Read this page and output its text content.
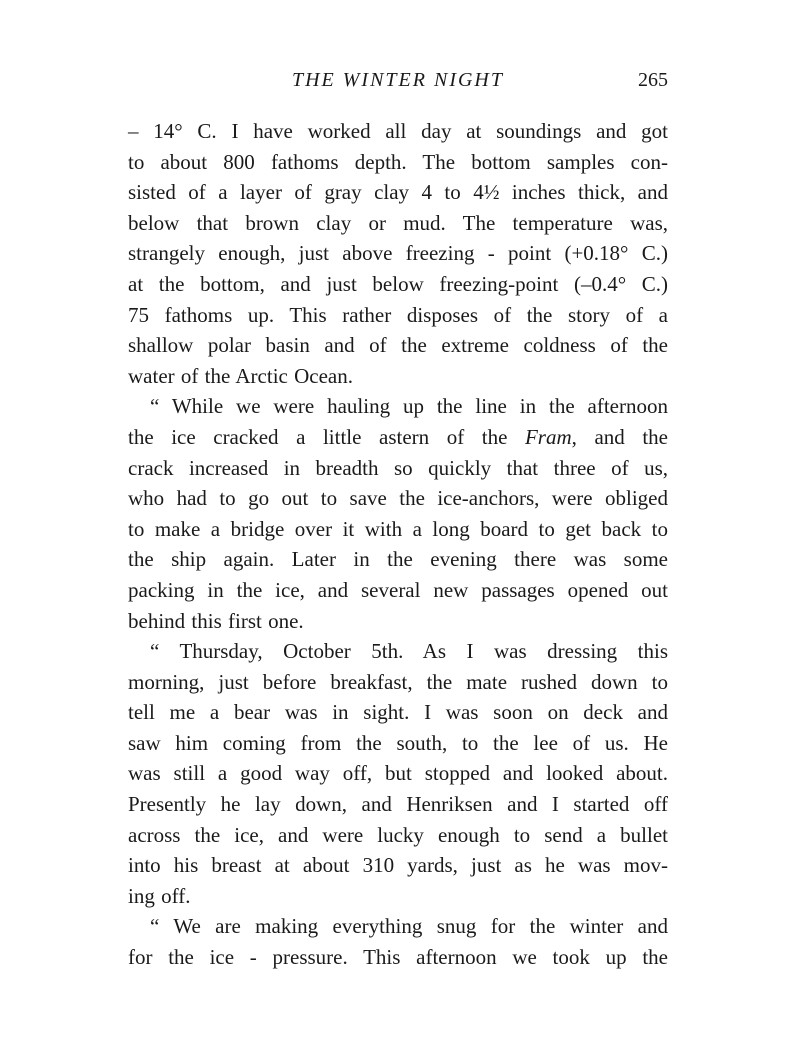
THE WINTER NIGHT	265
– 14° C. I have worked all day at soundings and got
to about 800 fathoms depth. The bottom samples con-
sisted of a layer of gray clay 4 to 4½ inches thick, and
below that brown clay or mud. The temperature was,
strangely enough, just above freezing - point (+0.18° C.)
at the bottom, and just below freezing-point (–0.4° C.)
75 fathoms up. This rather disposes of the story of a
shallow polar basin and of the extreme coldness of the
water of the Arctic Ocean.
“ While we were hauling up the line in the afternoon
the ice cracked a little astern of the Fram, and the
crack increased in breadth so quickly that three of us,
who had to go out to save the ice-anchors, were obliged
to make a bridge over it with a long board to get back to
the ship again. Later in the evening there was some
packing in the ice, and several new passages opened out
behind this first one.
“ Thursday, October 5th. As I was dressing this
morning, just before breakfast, the mate rushed down to
tell me a bear was in sight. I was soon on deck and
saw him coming from the south, to the lee of us. He
was still a good way off, but stopped and looked about.
Presently he lay down, and Henriksen and I started off
across the ice, and were lucky enough to send a bullet
into his breast at about 310 yards, just as he was mov-
ing off.
“ We are making everything snug for the winter and
for the ice - pressure. This afternoon we took up the
